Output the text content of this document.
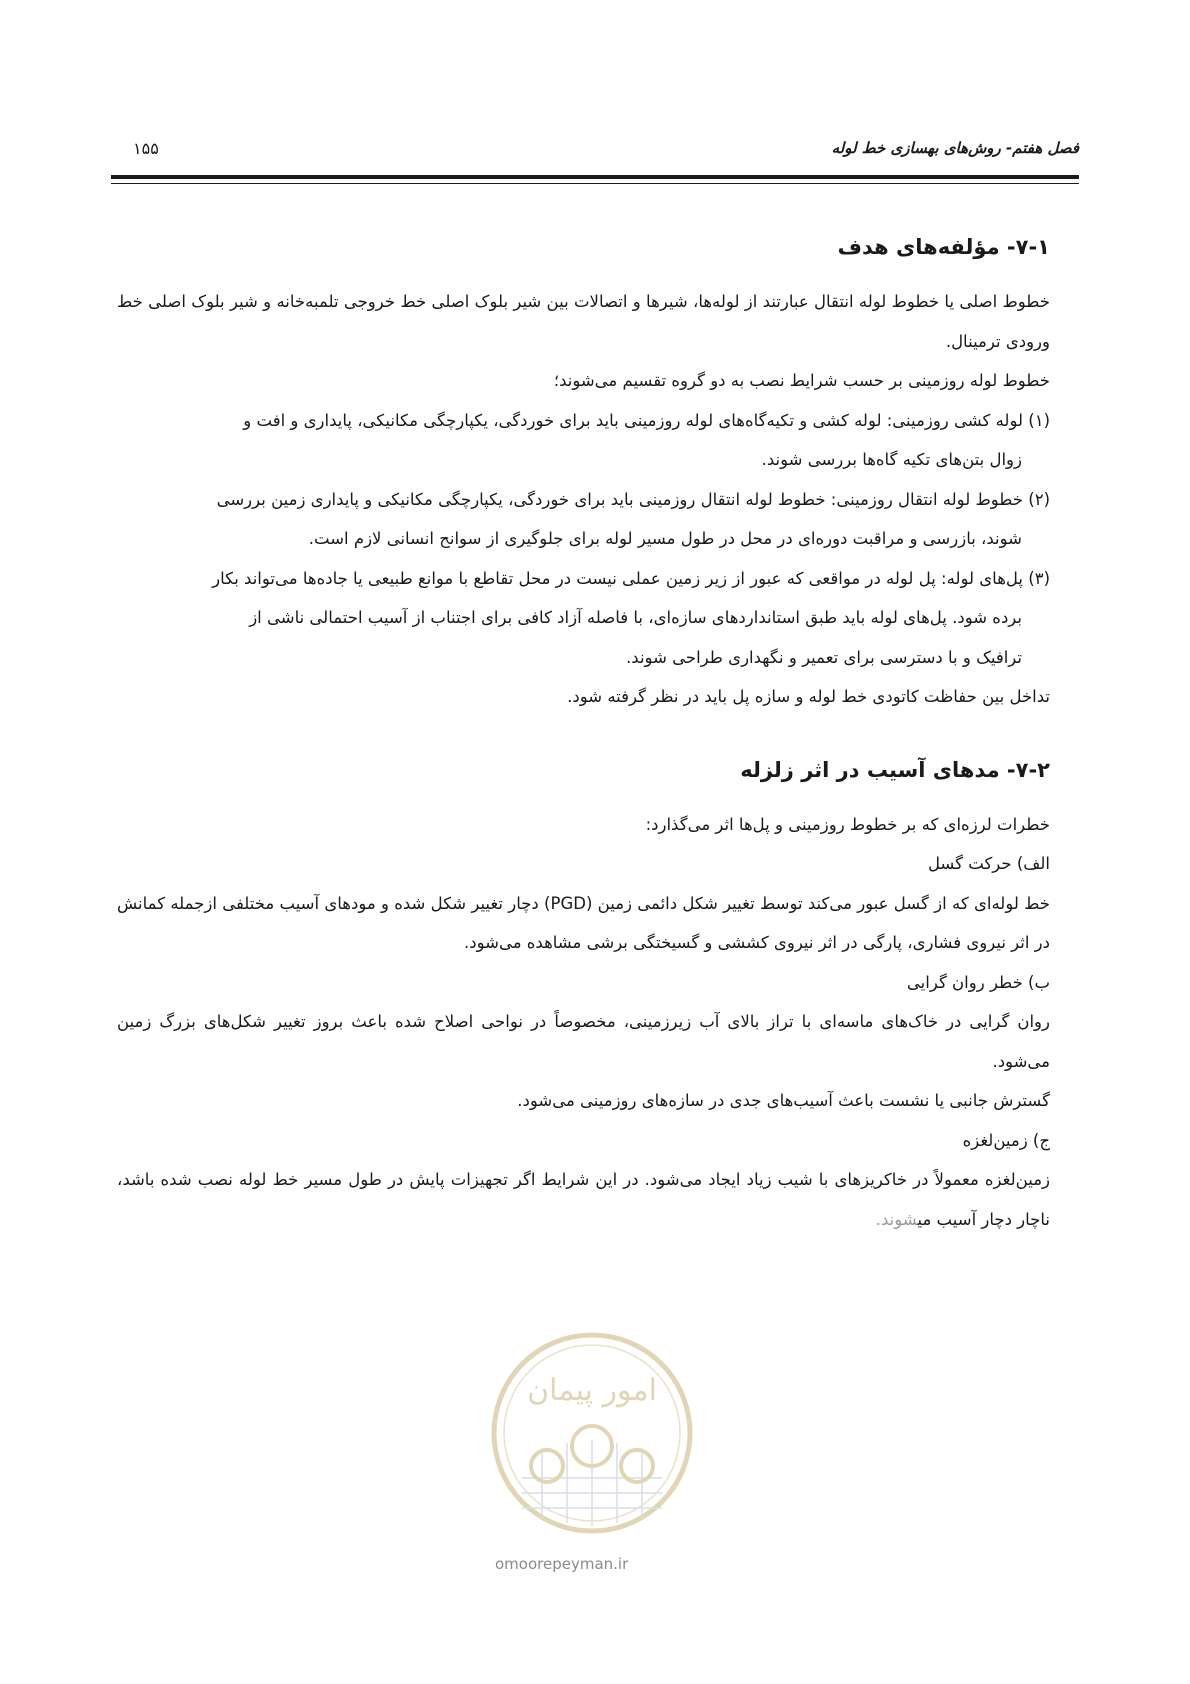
فصل هفتم- روش‌های بهسازی خط لوله
۱۵۵
۷-۱- مؤلفه‌های هدف

خطوط اصلی یا خطوط لوله انتقال عبارتند از لوله‌ها، شیرها و اتصالات بین شیر بلوک اصلی خط خروجی تلمبه‌خانه و شیر بلوک اصلی خط ورودی ترمینال.

خطوط لوله روزمینی بر حسب شرایط نصب به دو گروه تقسیم می‌شوند؛

(۱) لوله کشی روزمینی: لوله کشی و تکیه‌گاه‌های لوله روزمینی باید برای خوردگی، یکپارچگی مکانیکی، پایداری و افت و

زوال بتن‌های تکیه گاه‌ها بررسی شوند.

(۲) خطوط لوله انتقال روزمینی: خطوط لوله انتقال روزمینی باید برای خوردگی، یکپارچگی مکانیکی و پایداری زمین بررسی

شوند، بازرسی و مراقبت دوره‌ای در محل در طول مسیر لوله برای جلوگیری از سوانح انسانی لازم است.

(۳) پل‌های لوله: پل لوله در مواقعی که عبور از زیر زمین عملی نیست در محل تقاطع با موانع طبیعی یا جاده‌ها می‌تواند بکار

برده شود. پل‌های لوله باید طبق استانداردهای سازه‌ای، با فاصله آزاد کافی برای اجتناب از آسیب احتمالی ناشی از

ترافیک و با دسترسی برای تعمیر و نگهداری طراحی شوند.

تداخل بین حفاظت کاتودی خط لوله و سازه پل باید در نظر گرفته شود.

۷-۲- مدهای آسیب در اثر زلزله

خطرات لرزه‌ای که بر خطوط روزمینی و پل‌ها اثر می‌گذارد:

الف) حرکت گسل

خط لوله‌ای که از گسل عبور می‌کند توسط تغییر شکل دائمی زمین (PGD) دچار تغییر شکل شده و مودهای آسیب مختلفی ازجمله کمانش در اثر نیروی فشاری، پارگی در اثر نیروی کششی و گسیختگی برشی مشاهده می‌شود.

ب) خطر روان گرایی

روان گرایی در خاک‌های ماسه‌ای با تراز بالای آب زیرزمینی، مخصوصاً در نواحی اصلاح شده باعث بروز تغییر شکل‌های بزرگ زمین می‌شود.

گسترش جانبی یا نشست باعث آسیب‌های جدی در سازه‌های روزمینی می‌شود.

ج) زمین‌لغزه

زمین‌لغزه معمولاً در خاکریزهای با شیب زیاد ایجاد می‌شود. در این شرایط اگر تجهیزات پایش در طول مسیر خط لوله نصب شده باشد، ناچار دچار آسیب میشوند.

امور پیمان
omoorepeyman.ir
